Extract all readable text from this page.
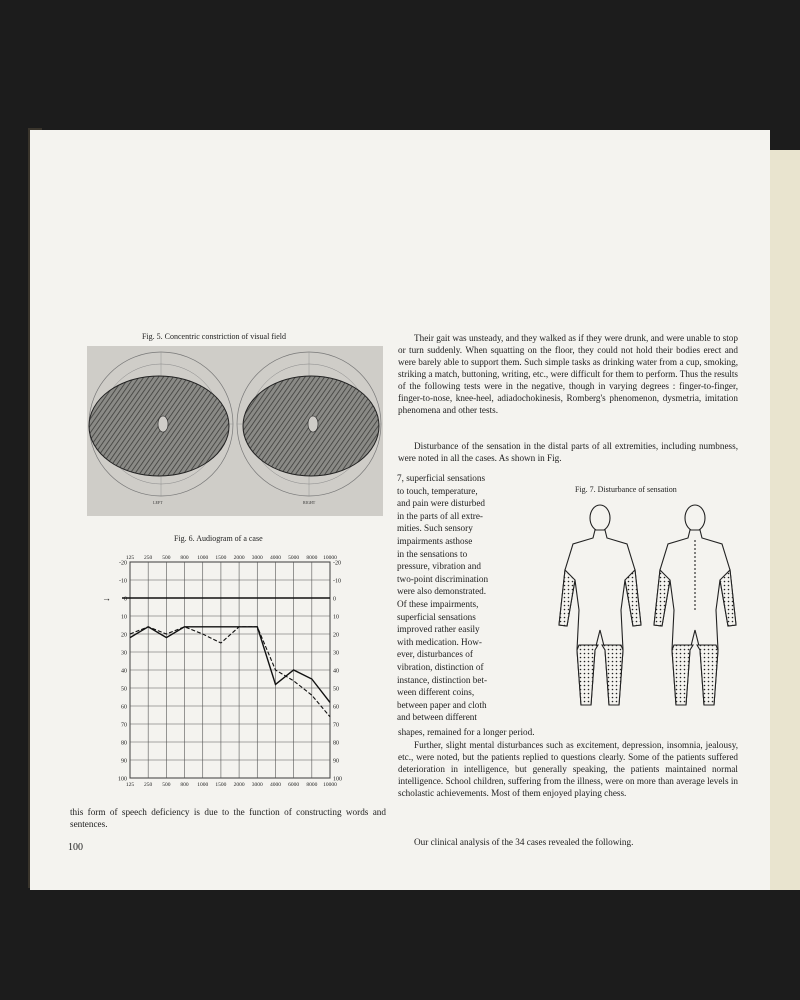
Fig. 5. Concentric constriction of visual field
LEFT	RIGHT
Fig. 6. Audiogram of a case
-20	-20
-10	-10
0	0
10	10
20	20
30	30
40	40
50	50
60	60
70	70
80	80
90	90
100	100
→
125 250 500 800 1000 1500 2000 3000 4000 5000 8000 10000
125 250 500 800 1000 1500 2000 3000 4000 6000 8000 10000
this form of speech deficiency is due to the function of constructing words and sentences.
100
Their gait was unsteady, and they walked as if they were drunk, and were unable to stop or turn suddenly. When squatting on the floor, they could not hold their bodies erect and were barely able to support them. Such simple tasks as drinking water from a cup, smoking, striking a match, buttoning, writing, etc., were difficult for them to perform. Thus the results of the following tests were in the negative, though in varying degrees : finger-to-finger, finger-to-nose, knee-heel, adiadochokinesis, Romberg's phenomenon, dysmetria, imitation phenomena and other tests.
Disturbance of the sensation in the distal parts of all extremities, including numbness, were noted in all the cases. As shown in Fig.
7, superficial sensations
to touch, temperature,
and pain were disturbed
in the parts of all extre-
mities. Such sensory
impairments asthose
in the sensations to
pressure, vibration and
two-point discrimination
were also demonstrated.
Of these impairments,
superficial sensations
improved rather easily
with medication. How-
ever, disturbances of
vibration, distinction of
instance, distinction bet-
ween different coins,
between paper and cloth
and between different
Fig. 7. Disturbance of sensation
shapes, remained for a longer period.
Further, slight mental disturbances such as excitement, depression, insomnia, jealousy, etc., were noted, but the patients replied to questions clearly. Some of the patients suffered deterioration in intelligence, but generally speaking, the patients maintained normal intelligence. School children, suffering from the illness, were on more than average levels in scholastic achievements. Most of them enjoyed playing chess.
Our clinical analysis of the 34 cases revealed the following.
